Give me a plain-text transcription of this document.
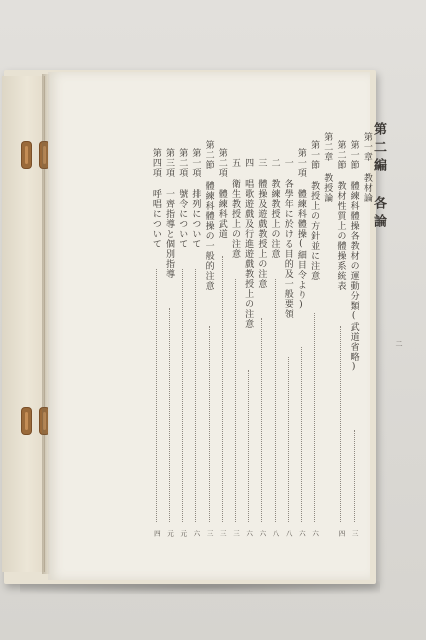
二
第二編 各論
第一章 教材論
第一節 體練科體操各教材の運動分類(武道省略)
三
第二節 教材性質上の體操系統表
四
第二章 教授論
第一節 教授上の方針並に注意
六
第一項 體練科體操(細目令より)
六
一 各學年に於ける目的及一般要領
八
二 教練教授上の注意
八
三 體操及遊戲教授上の注意
六
四 唱歌遊戲及行進遊戲教授上の注意
六
五 衛生教授上の注意
三
第二項 體練科武道
三
第二節 體練科體操の一般的注意
三
第一項 排列について
六
第二項 號令について
元
第三項 一齊指導と個別指導
元
第四項 呼唱について
四
